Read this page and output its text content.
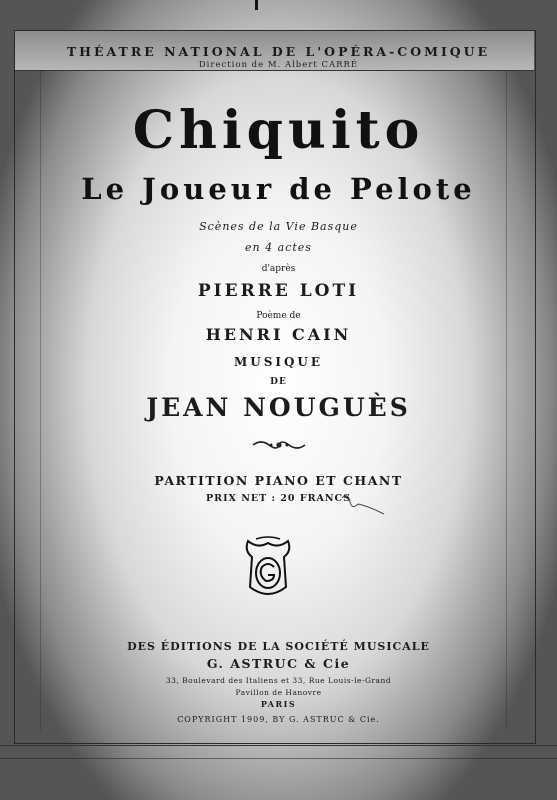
THÉATRE NATIONAL DE L'OPÉRA-COMIQUE
Direction de M. Albert CARRÉ
Chiquito
Le Joueur de Pelote
Scènes de la Vie Basque
en 4 actes
d'après
PIERRE LOTI
Poème de
HENRI CAIN
MUSIQUE
DE
JEAN NOUGUÈS
PARTITION PIANO ET CHANT
PRIX NET : 20 FRANCS
DES ÉDITIONS DE LA SOCIÉTÉ MUSICALE
G. ASTRUC & Cie
33, Boulevard des Italiens et 33, Rue Louis-le-Grand
Pavillon de Hanovre
PARIS
COPYRIGHT 1909, BY G. ASTRUC & Cie.
